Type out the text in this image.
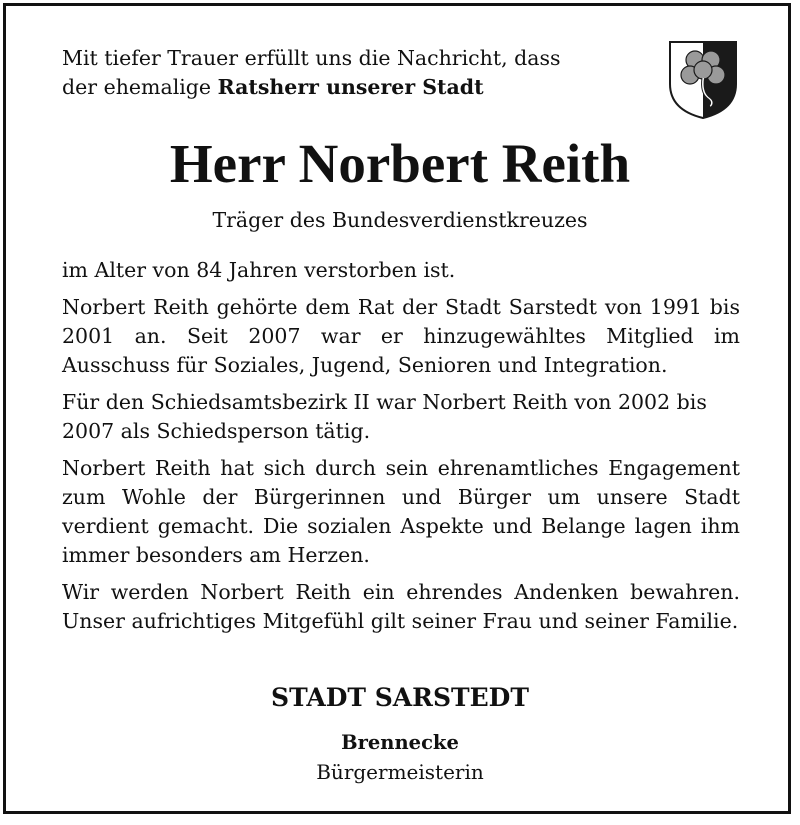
Mit tiefer Trauer erfüllt uns die Nachricht, dass
der ehemalige Ratsherr unserer Stadt
Herr Norbert Reith
Träger des Bundesverdienstkreuzes

im Alter von 84 Jahren verstorben ist.

Norbert Reith gehörte dem Rat der Stadt Sarstedt von 1991 bis 2001 an. Seit 2007 war er hinzugewähltes Mitglied im Ausschuss für Soziales, Jugend, Senioren und Integration.

Für den Schiedsamtsbezirk II war Norbert Reith von 2002 bis 2007 als Schiedsperson tätig.

Norbert Reith hat sich durch sein ehrenamtliches Engagement zum Wohle der Bürgerinnen und Bürger um unsere Stadt verdient gemacht. Die sozialen Aspekte und Belange lagen ihm immer besonders am Herzen.

Wir werden Norbert Reith ein ehrendes Andenken bewahren. Unser aufrichtiges Mitgefühl gilt seiner Frau und seiner Familie.

STADT SARSTEDT
Brennecke
Bürgermeisterin
